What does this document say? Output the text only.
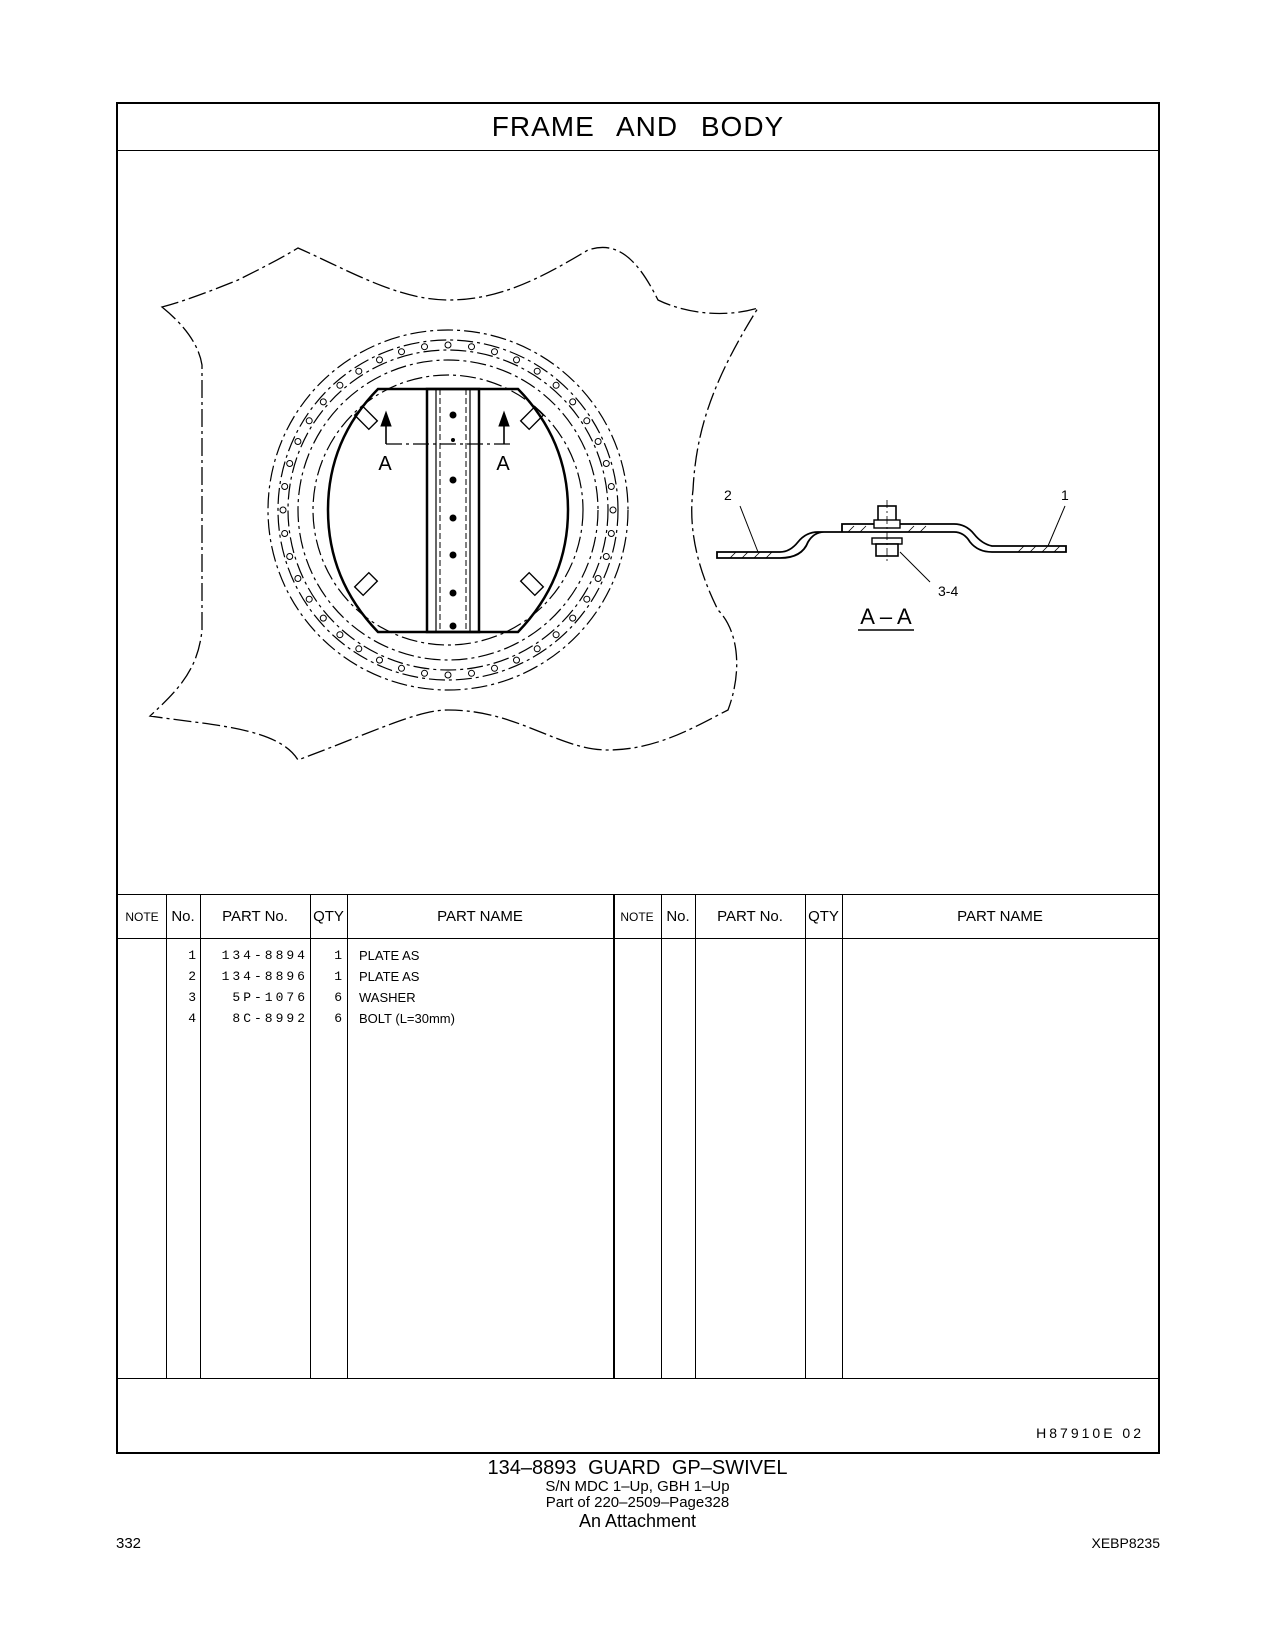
FRAME AND BODY
A	A
2	1
3-4
A – A
NOTE No.	PART No.	QTY	PART NAME	NOTE No.	PART No.	QTY	PART NAME
1	134-8894	1 PLATE AS
2	134-8896	1 PLATE AS
3	5P-1076	6 WASHER
4	8C-8992	6 BOLT (L=30mm)
H87910E 02
134–8893 GUARD GP–SWIVEL
S/N MDC 1–Up, GBH 1–Up
Part of 220–2509–Page328
An Attachment
332	XEBP8235
